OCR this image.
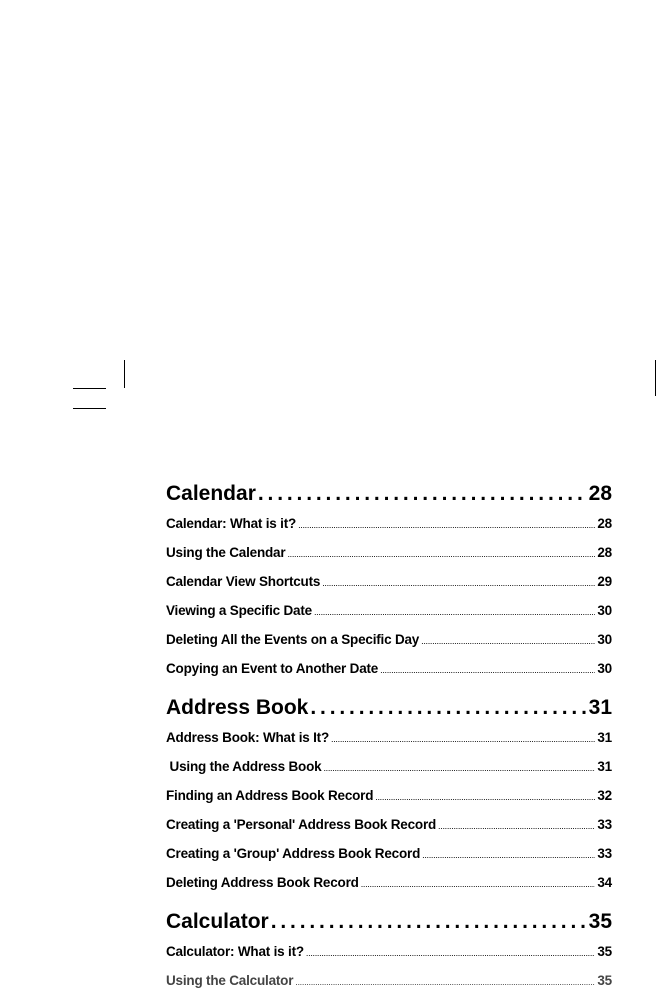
Calendar . . .	28
Calendar: What is it? . . .	28
Using the Calendar . . .	28
Calendar View Shortcuts . . .	29
Viewing a Specific Date . . .	30
Deleting All the Events on a Specific Day . . .	30
Copying an Event to Another Date . . .	30
Address Book . . .	31
Address Book: What is It? . . .	31
Using the Address Book . . .	31
Finding an Address Book Record . . .	32
Creating a 'Personal' Address Book Record . . .	33
Creating a 'Group' Address Book Record . . .	33
Deleting Address Book Record . . .	34
Calculator . . .	35
Calculator: What is it? . . .	35
Using the Calculator . . .	35
